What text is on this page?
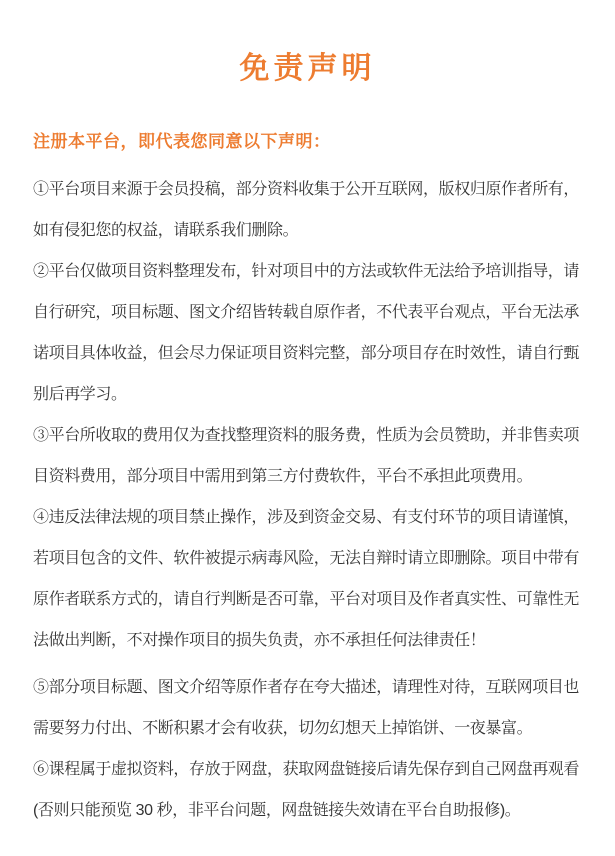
免责声明
注册本平台，即代表您同意以下声明：
①平台项目来源于会员投稿，部分资料收集于公开互联网，版权归原作者所有，
如有侵犯您的权益，请联系我们删除。
②平台仅做项目资料整理发布，针对项目中的方法或软件无法给予培训指导，请
自行研究，项目标题、图文介绍皆转载自原作者，不代表平台观点，平台无法承
诺项目具体收益，但会尽力保证项目资料完整，部分项目存在时效性，请自行甄
别后再学习。
③平台所收取的费用仅为查找整理资料的服务费，性质为会员赞助，并非售卖项
目资料费用，部分项目中需用到第三方付费软件，平台不承担此项费用。
④违反法律法规的项目禁止操作，涉及到资金交易、有支付环节的项目请谨慎，
若项目包含的文件、软件被提示病毒风险，无法自辩时请立即删除。项目中带有
原作者联系方式的，请自行判断是否可靠，平台对项目及作者真实性、可靠性无
法做出判断，不对操作项目的损失负责，亦不承担任何法律责任！
⑤部分项目标题、图文介绍等原作者存在夸大描述，请理性对待，互联网项目也
需要努力付出、不断积累才会有收获，切勿幻想天上掉馅饼、一夜暴富。
⑥课程属于虚拟资料，存放于网盘，获取网盘链接后请先保存到自己网盘再观看
(否则只能预览 30 秒，非平台问题，网盘链接失效请在平台自助报修)。
